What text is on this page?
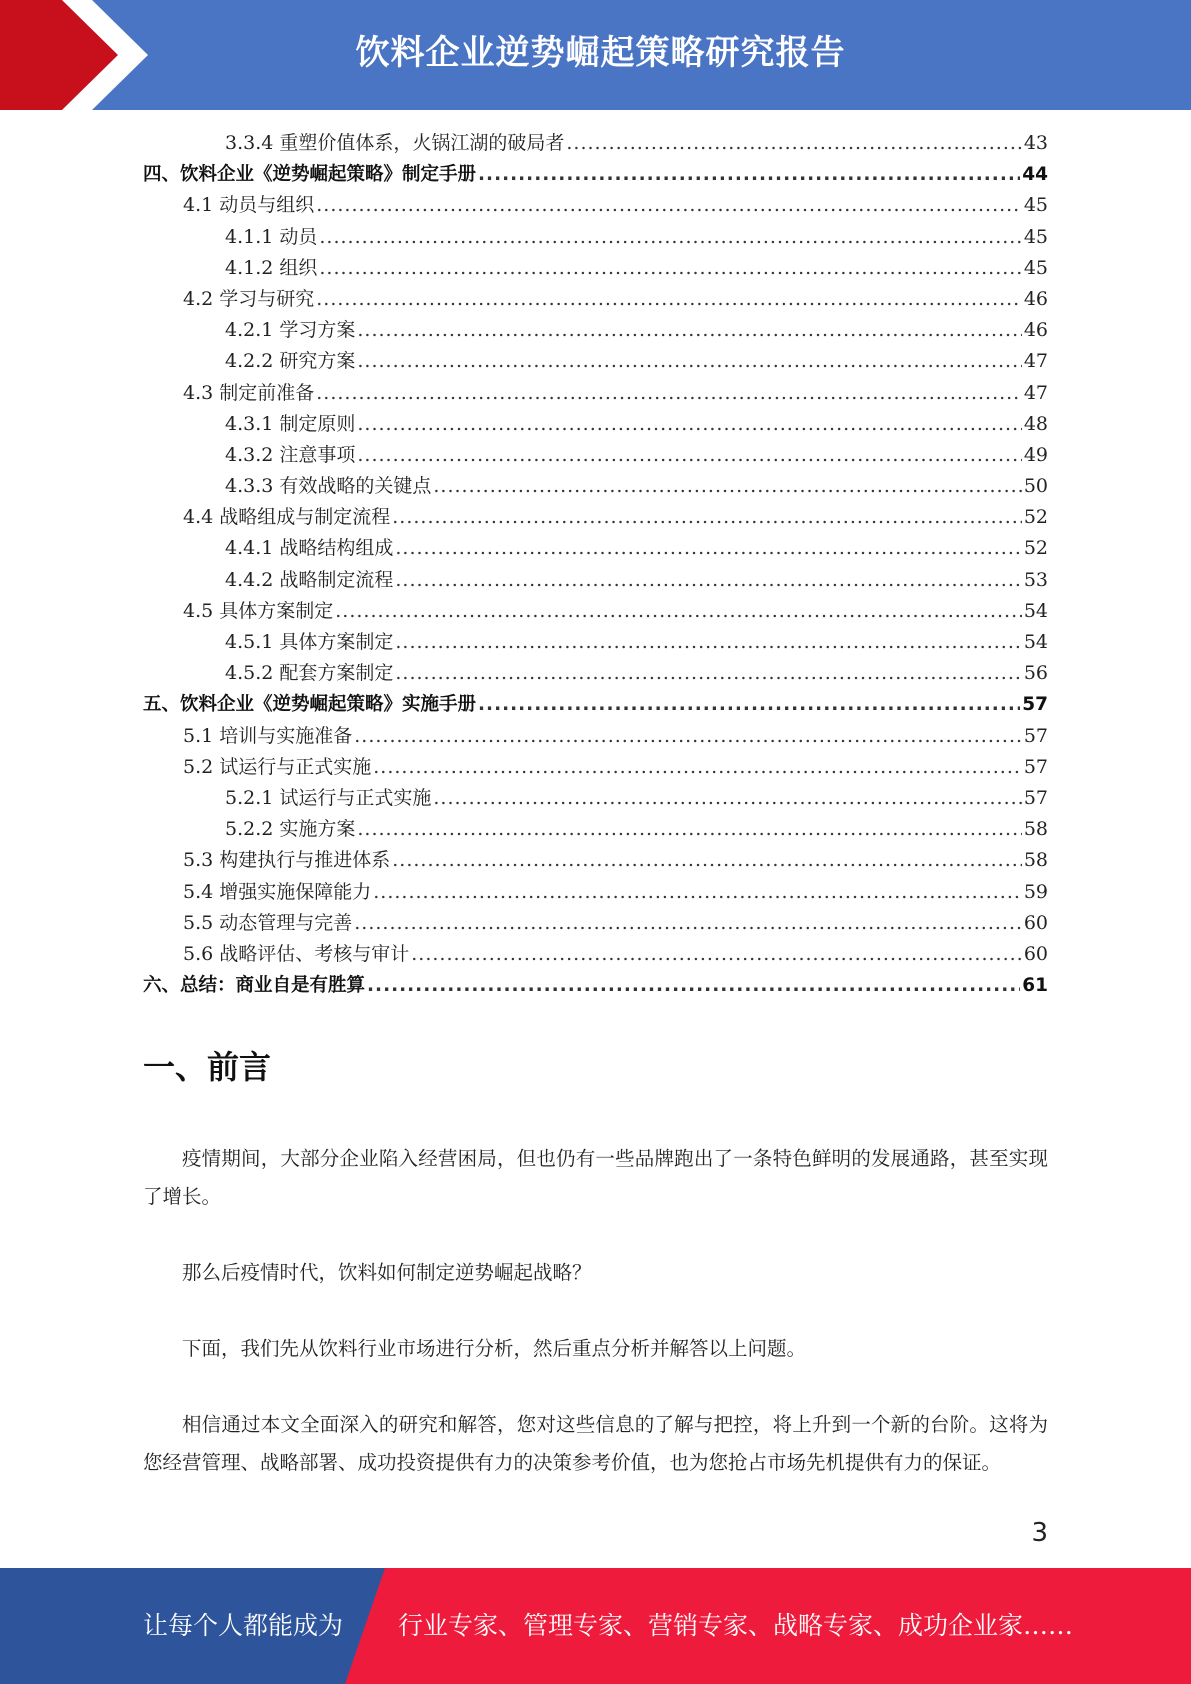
饮料企业逆势崛起策略研究报告
3.3.4 重塑价值体系，火锅江湖的破局者 .....	43
四、饮料企业《逆势崛起策略》制定手册 .....	44
4.1 动员与组织 .....	45
4.1.1 动员 .....	45
4.1.2 组织 .....	45
4.2 学习与研究 .....	46
4.2.1 学习方案 .....	46
4.2.2 研究方案 .....	47
4.3 制定前准备 .....	47
4.3.1 制定原则 .....	48
4.3.2 注意事项 .....	49
4.3.3 有效战略的关键点 .....	50
4.4 战略组成与制定流程 .....	52
4.4.1 战略结构组成 .....	52
4.4.2 战略制定流程 .....	53
4.5 具体方案制定 .....	54
4.5.1 具体方案制定 .....	54
4.5.2 配套方案制定 .....	56
五、饮料企业《逆势崛起策略》实施手册 .....	57
5.1 培训与实施准备 .....	57
5.2 试运行与正式实施 .....	57
5.2.1 试运行与正式实施 .....	57
5.2.2 实施方案 .....	58
5.3 构建执行与推进体系 .....	58
5.4 增强实施保障能力 .....	59
5.5 动态管理与完善 .....	60
5.6 战略评估、考核与审计 .....	60
六、总结：商业自是有胜算 .....	61
一、前言

疫情期间，大部分企业陷入经营困局，但也仍有一些品牌跑出了一条特色鲜明的发展通路，甚至实现了增长。

那么后疫情时代，饮料如何制定逆势崛起战略？

下面，我们先从饮料行业市场进行分析，然后重点分析并解答以上问题。

相信通过本文全面深入的研究和解答，您对这些信息的了解与把控，将上升到一个新的台阶。这将为您经营管理、战略部署、成功投资提供有力的决策参考价值，也为您抢占市场先机提供有力的保证。

3
让每个人都能成为 行业专家、管理专家、营销专家、战略专家、成功企业家……
